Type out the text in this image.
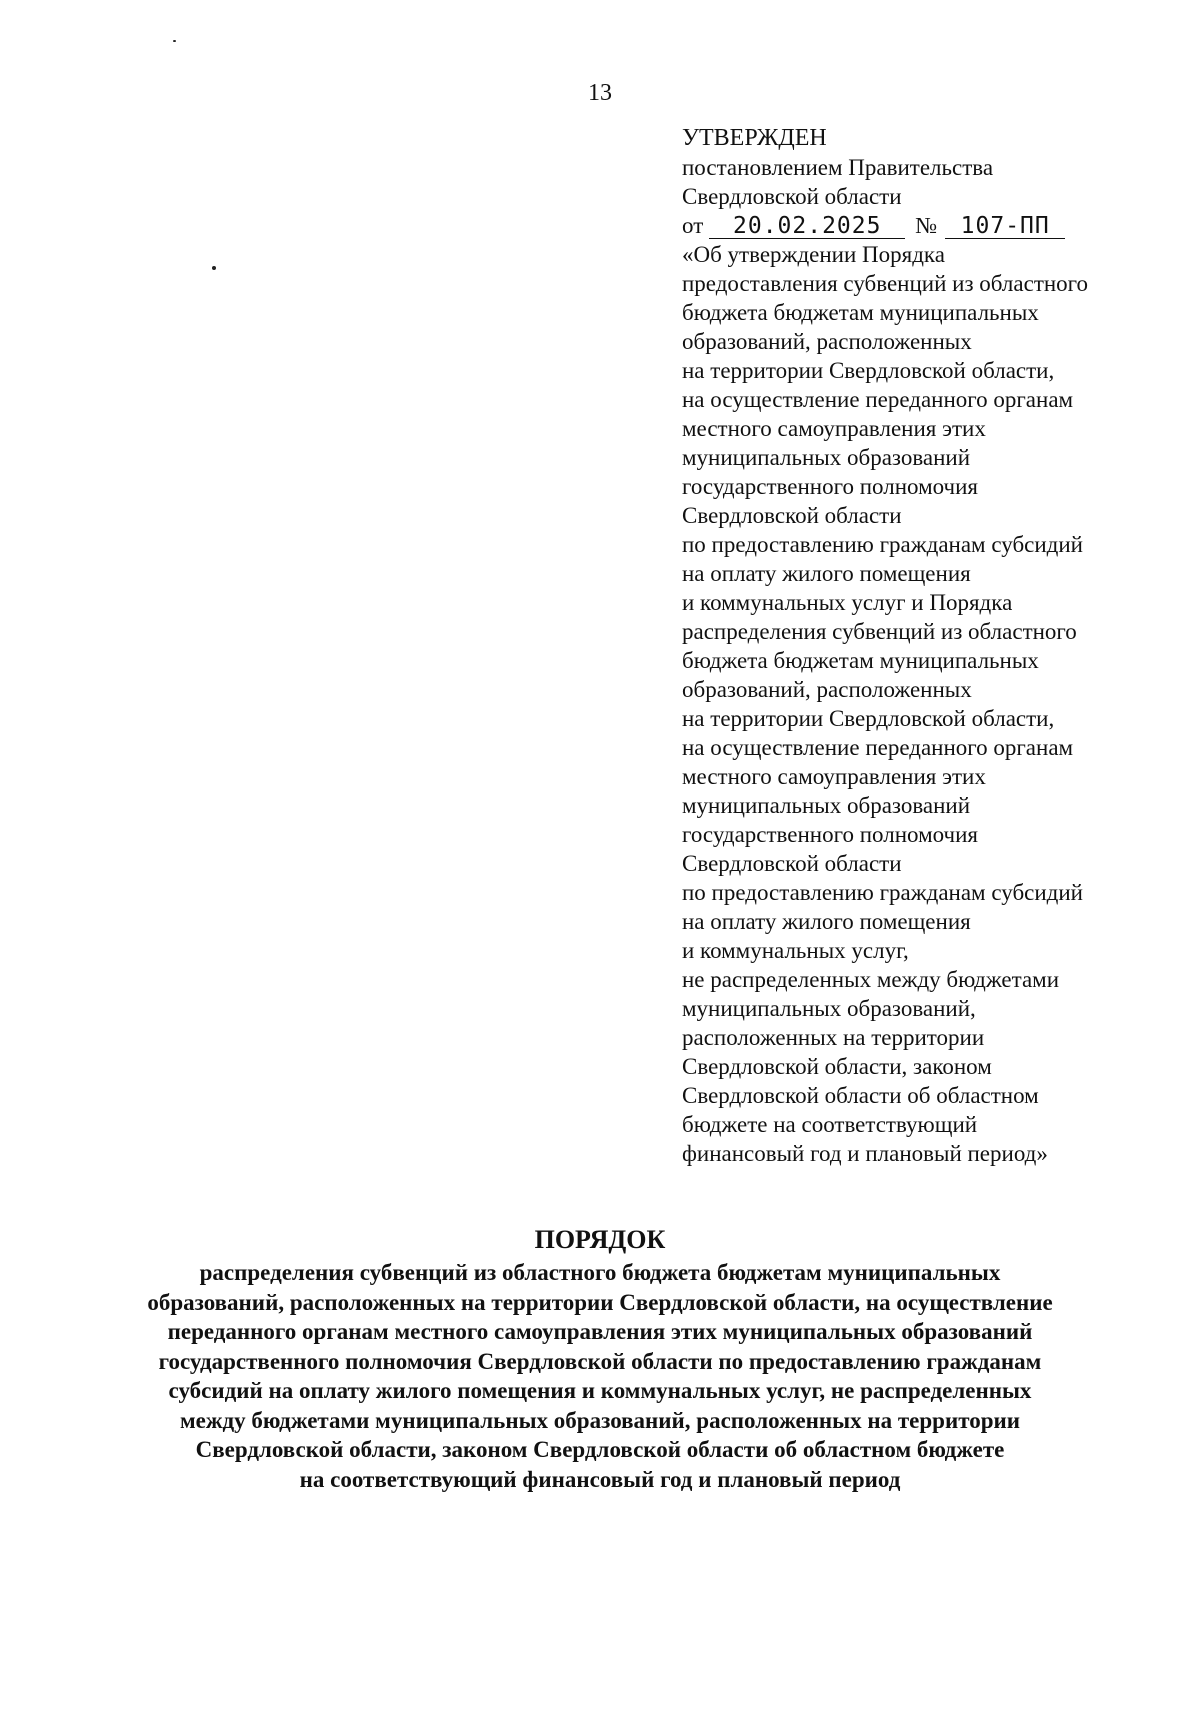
13
УТВЕРЖДЕН
постановлением Правительства
Свердловской области
от	20.02.2025	№	107-ПП
«Об утверждении Порядка
предоставления субвенций из областного
бюджета бюджетам муниципальных
образований, расположенных
на территории Свердловской области,
на осуществление переданного органам
местного самоуправления этих
муниципальных образований
государственного полномочия
Свердловской области
по предоставлению гражданам субсидий
на оплату жилого помещения
и коммунальных услуг и Порядка
распределения субвенций из областного
бюджета бюджетам муниципальных
образований, расположенных
на территории Свердловской области,
на осуществление переданного органам
местного самоуправления этих
муниципальных образований
государственного полномочия
Свердловской области
по предоставлению гражданам субсидий
на оплату жилого помещения
и коммунальных услуг,
не распределенных между бюджетами
муниципальных образований,
расположенных на территории
Свердловской области, законом
Свердловской области об областном
бюджете на соответствующий
финансовый год и плановый период»
ПОРЯДОК
распределения субвенций из областного бюджета бюджетам муниципальных
образований, расположенных на территории Свердловской области, на осуществление
переданного органам местного самоуправления этих муниципальных образований
государственного полномочия Свердловской области по предоставлению гражданам
субсидий на оплату жилого помещения и коммунальных услуг, не распределенных
между бюджетами муниципальных образований, расположенных на территории
Свердловской области, законом Свердловской области об областном бюджете
на соответствующий финансовый год и плановый период
